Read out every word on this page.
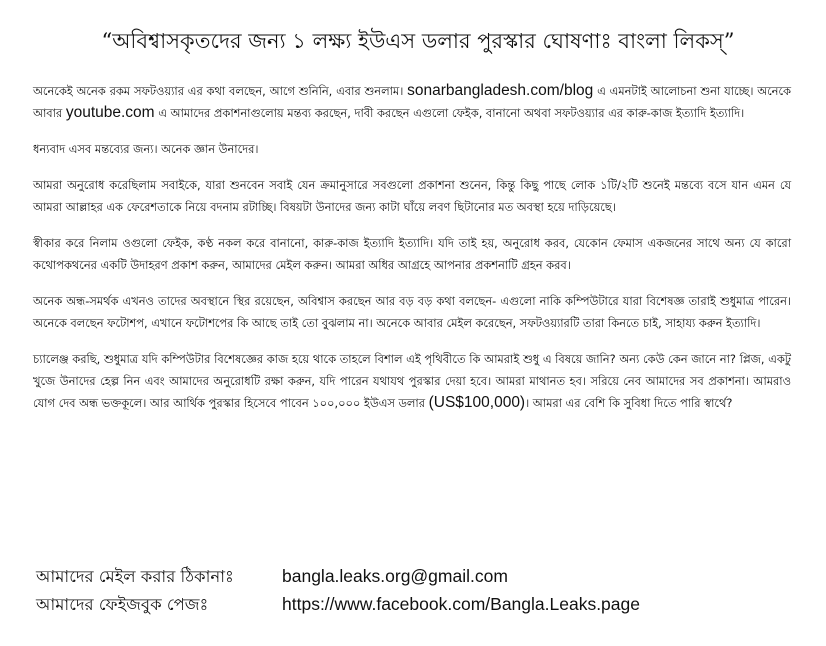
“অবিশ্বাসকৃতদের জন্য ১ লক্ষ্য ইউএস ডলার পুরস্কার ঘোষণাঃ বাংলা লিকস্”

অনেকেই অনেক রকম সফটওয়্যার এর কথা বলছেন, আগে শুনিনি, এবার শুনলাম। sonarbangladesh.com/blog এ এমনটাই আলোচনা শুনা যাচ্ছে। অনেকে আবার youtube.com এ আমাদের প্রকাশনাগুলোয় মন্তব্য করছেন, দাবী করছেন এগুলো ফেইক, বানানো অথবা সফটওয়্যার এর কারু-কাজ ইত্যাদি ইত্যাদি।

ধন্যবাদ এসব মন্তব্যের জন্য। অনেক জ্ঞান উনাদের।

আমরা অনুরোধ করেছিলাম সবাইকে, যারা শুনবেন সবাই যেন ক্রমানুসারে সবগুলো প্রকাশনা শুনেন, কিন্তু কিছু পাছে লোক ১টি/২টি শুনেই মন্তব্যে বসে যান এমন যে আমরা আল্লাহর এক ফেরেশতাকে নিয়ে বদনাম রটাচ্ছি। বিষয়টা উনাদের জন্য কাটা ঘাঁয়ে লবণ ছিটানোর মত অবস্থা হয়ে দাড়িয়েছে।

স্বীকার করে নিলাম ওগুলো ফেইক, কণ্ঠ নকল করে বানানো, কারু-কাজ ইত্যাদি ইত্যাদি। যদি তাই হয়, অনুরোধ করব, যেকোন ফেমাস একজনের সাথে অন্য যে কারো কথোপকথনের একটি উদাহরণ প্রকাশ করুন, আমাদের মেইল করুন। আমরা অধির আগ্রহে আপনার প্রকশনাটি গ্রহন করব।

অনেক অন্ধ-সমর্থক এখনও তাদের অবস্থানে স্থির রয়েছেন, অবিশ্বাস করছেন আর বড় বড় কথা বলছেন- এগুলো নাকি কম্পিউটারে যারা বিশেষজ্ঞ তারাই শুধুমাত্র পারেন। অনেকে বলছেন ফটোশপ, এখানে ফটোশপের কি আছে তাই তো বুঝলাম না। অনেকে আবার মেইল করেছেন, সফটওয়্যারটি তারা কিনতে চাই, সাহায্য করুন ইত্যাদি।

চ্যালেঞ্জ করছি, শুধুমাত্র যদি কম্পিউটার বিশেষজ্ঞের কাজ হয়ে থাকে তাহলে বিশাল এই পৃথিবীতে কি আমরাই শুধু এ বিষয়ে জানি? অন্য কেউ কেন জানে না? প্লিজ, একটু খুজে উনাদের হেল্প নিন এবং আমাদের অনুরোধটি রক্ষা করুন, যদি পারেন যথাযথ পুরস্কার দেয়া হবে। আমরা মাথানত হব। সরিয়ে নেব আমাদের সব প্রকাশনা। আমরাও যোগ দেব অন্ধ ভক্তকূলে। আর আর্থিক পুরস্কার হিসেবে পাবেন ১০০,০০০ ইউএস ডলার (US$100,000)। আমরা এর বেশি কি সুবিধা দিতে পারি স্বার্থে?

আমাদের মেইল করার ঠিকানাঃ	bangla.leaks.org@gmail.com
আমাদের ফেইজবুক পেজঃ	https://www.facebook.com/Bangla.Leaks.page
